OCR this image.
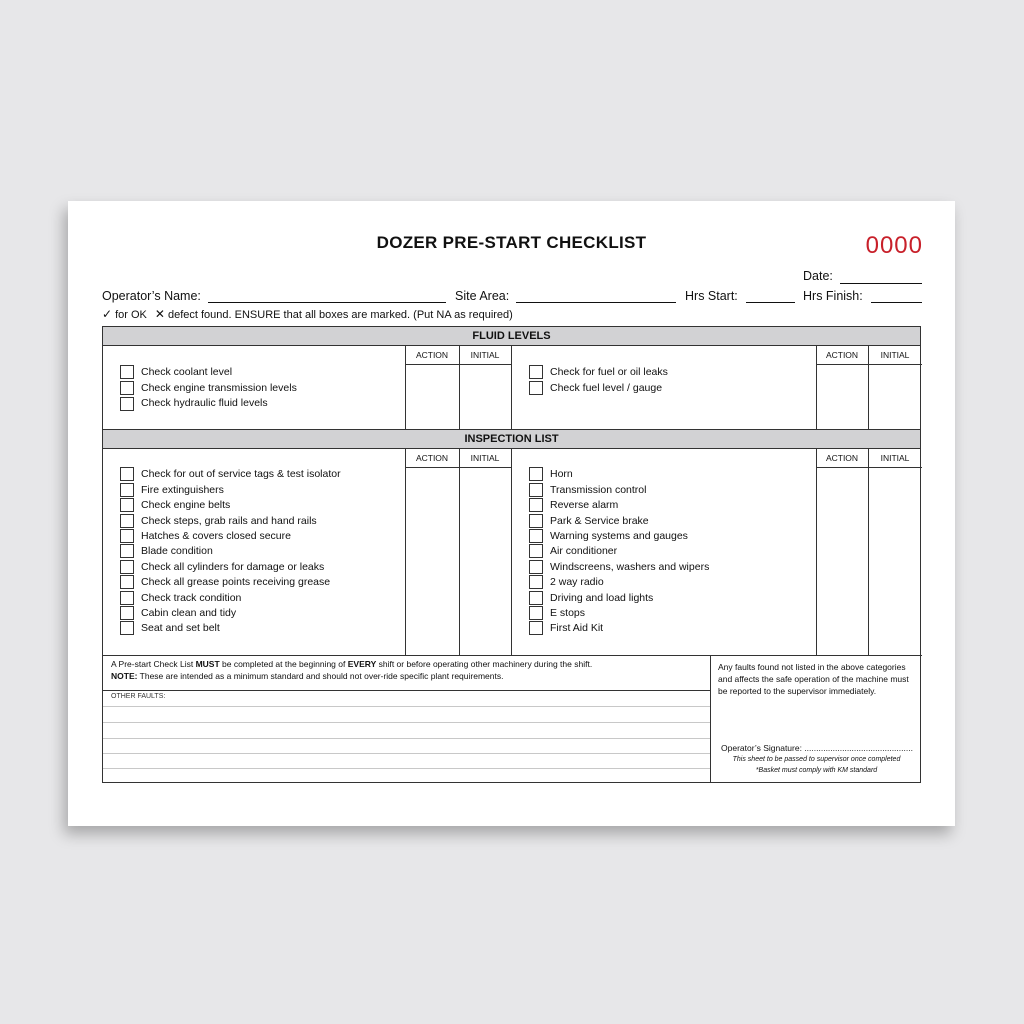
DOZER PRE-START CHECKLIST	0000
Date:
Operator’s Name:	Site Area:	Hrs Start:	Hrs Finish:
✓ for OK ✕ defect found. ENSURE that all boxes are marked. (Put NA as required)
FLUID LEVELS
ACTION	INITIAL	ACTION	INITIAL
Check coolant level
Check engine transmission levels
Check hydraulic fluid levels
Check for fuel or oil leaks
Check fuel level / gauge
INSPECTION LIST
ACTION	INITIAL	ACTION	INITIAL
Check for out of service tags & test isolator
Fire extinguishers
Check engine belts
Check steps, grab rails and hand rails
Hatches & covers closed secure
Blade condition
Check all cylinders for damage or leaks
Check all grease points receiving grease
Check track condition
Cabin clean and tidy
Seat and set belt
Horn
Transmission control
Reverse alarm
Park & Service brake
Warning systems and gauges
Air conditioner
Windscreens, washers and wipers
2 way radio
Driving and load lights
E stops
First Aid Kit
A Pre-start Check List MUST be completed at the beginning of EVERY shift or before operating other machinery during the shift.
NOTE: These are intended as a minimum standard and should not over-ride specific plant requirements.
OTHER FAULTS:
Any faults found not listed in the above categories and affects the safe operation of the machine must be reported to the supervisor immediately.
Operator’s Signature: ..............................................
This sheet to be passed to supervisor once completed
*Basket must comply with KM standard
